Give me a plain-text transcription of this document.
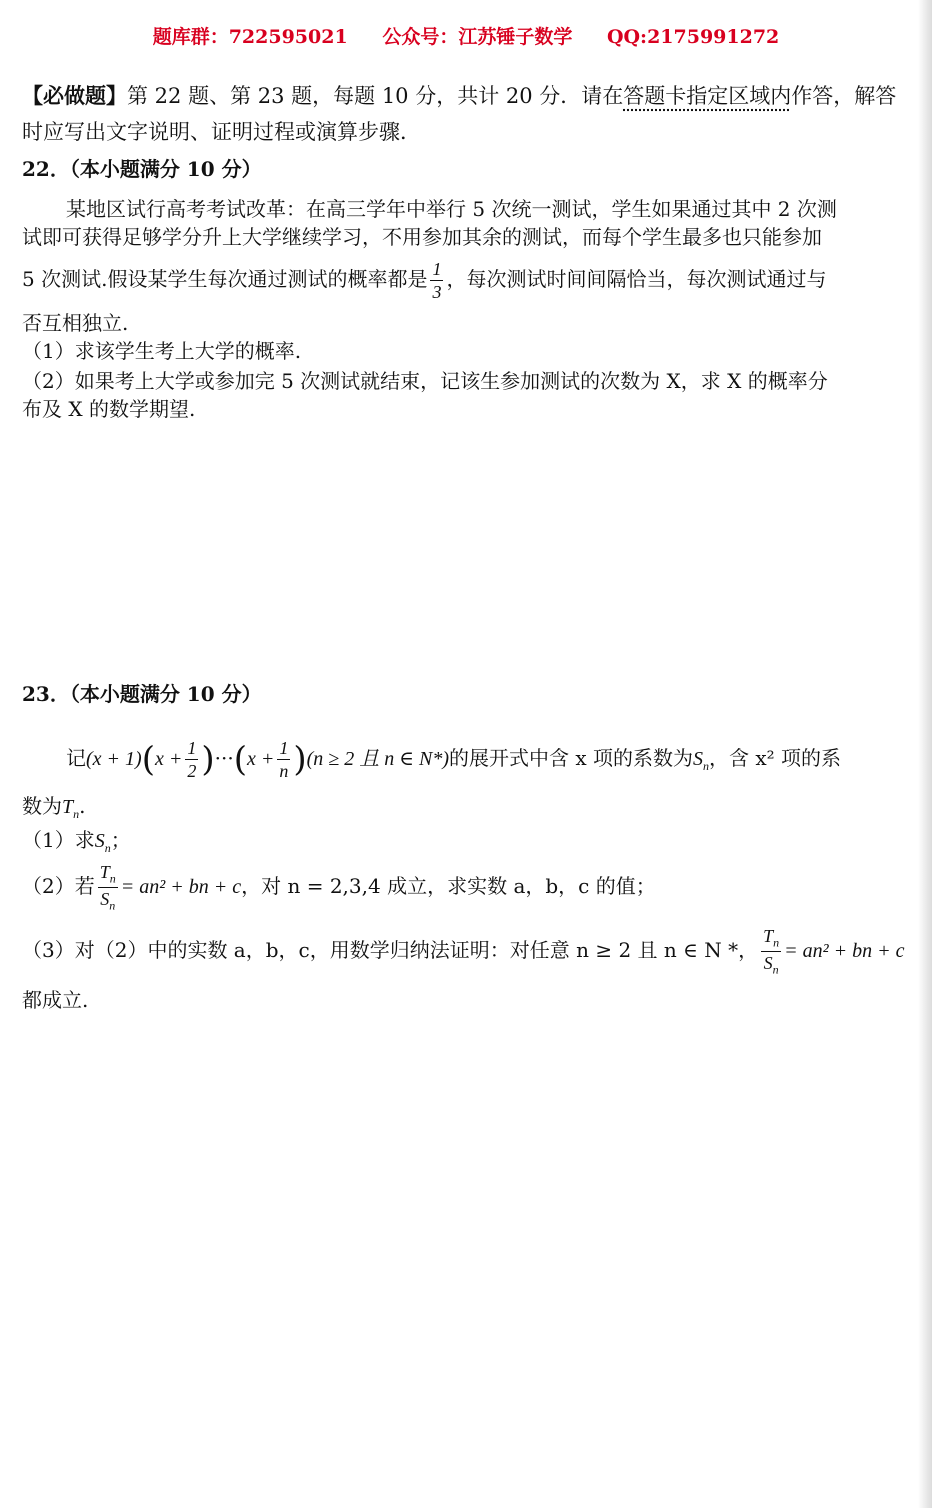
题库群：722595021 公众号：江苏锤子数学 QQ:2175991272
【必做题】第 22 题、第 23 题，每题 10 分，共计 20 分．请在答题卡指定区域内作答，解答
时应写出文字说明、证明过程或演算步骤．
22．（本小题满分 10 分）
某地区试行高考考试改革：在高三学年中举行 5 次统一测试，学生如果通过其中 2 次测
试即可获得足够学分升上大学继续学习，不用参加其余的测试，而每个学生最多也只能参加
5 次测试.假设某学生每次通过测试的概率都是 $\frac{1}{3}$ ，每次测试时间间隔恰当，每次测试通过与
否互相独立.
（1）求该学生考上大学的概率.
（2）如果考上大学或参加完 5 次测试就结束，记该生参加测试的次数为 X，求 X 的概率分
布及 X 的数学期望.
23．（本小题满分 10 分）
记$(x + 1)(x + \frac{1}{2} )\cdot\cdot\cdot(x + \frac{1}{n} )(n \ge 2$ 且 n ∈ N*)的展开式中含 x 项的系数为$S_n$，含 x² 项的系
数为$T_n$.
（1）求$S_n$；
（2）若 $\frac{T_n}{S_n} = an^2$ + bn + c，对 n = 2,3,4 成立，求实数 a，b，c 的值；
（3）对（2）中的实数 a，b，c，用数学归纳法证明：对任意 n ≥ 2 且 n ∈ N *， $\frac{T_n}{S_n} = an^2$ + bn + c
都成立.
